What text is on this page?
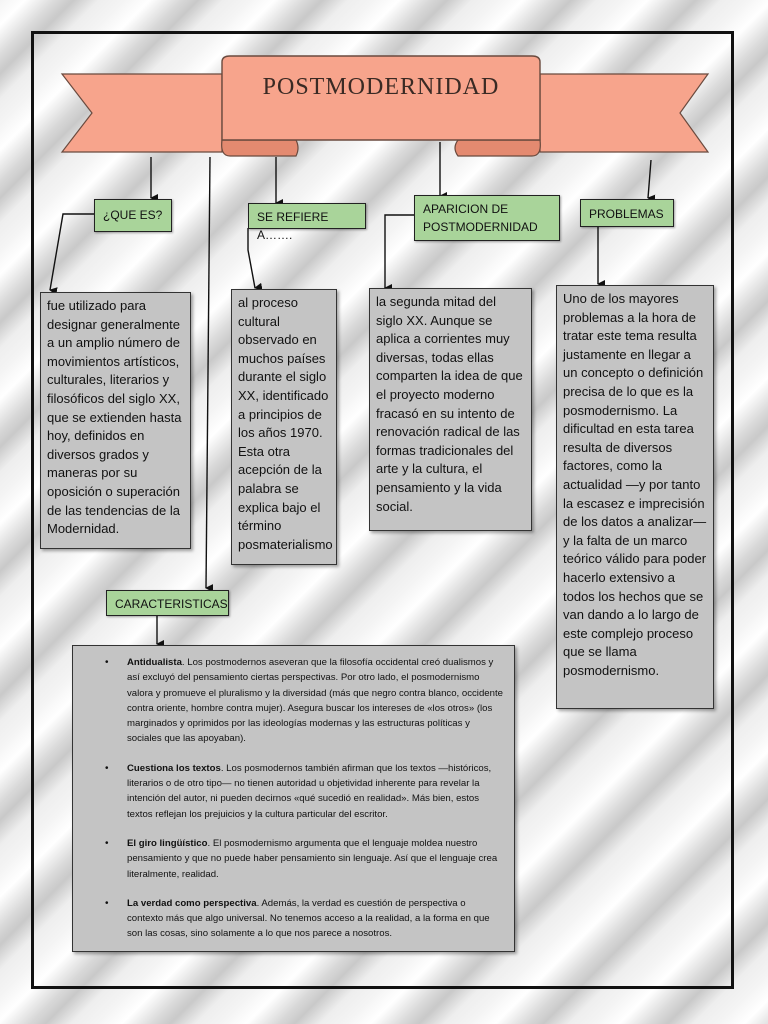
POSTMODERNIDAD
¿QUE ES?	SE REFIERE A…….
APARICION DE POSTMODERNIDAD
PROBLEMAS
CARACTERISTICAS
fue utilizado para designar generalmente a un amplio número de movimientos artísticos, culturales, literarios y filosóficos del siglo XX, que se extienden hasta hoy, definidos en diversos grados y maneras por su oposición o superación de las tendencias de la Modernidad.
al proceso cultural observado en muchos países durante el siglo XX, identificado a principios de los años 1970. Esta otra acepción de la palabra se explica bajo el término posmaterialismo
la segunda mitad del siglo XX. Aunque se aplica a corrientes muy diversas, todas ellas comparten la idea de que el proyecto moderno fracasó en su intento de renovación radical de las formas tradicionales del arte y la cultura, el pensamiento y la vida social.
Uno de los mayores problemas a la hora de tratar este tema resulta justamente en llegar a un concepto o definición precisa de lo que es la posmodernismo. La dificultad en esta tarea resulta de diversos factores, como la actualidad —y por tanto la escasez e imprecisión de los datos a analizar— y la falta de un marco teórico válido para poder hacerlo extensivo a todos los hechos que se van dando a lo largo de este complejo proceso que se llama posmodernismo.
• Antidualista. Los postmodernos aseveran que la filosofía occidental creó dualismos y así excluyó del pensamiento ciertas perspectivas. Por otro lado, el posmodernismo valora y promueve el pluralismo y la diversidad (más que negro contra blanco, occidente contra oriente, hombre contra mujer). Asegura buscar los intereses de «los otros» (los marginados y oprimidos por las ideologías modernas y las estructuras políticas y sociales que las apoyaban).
• Cuestiona los textos. Los posmodernos también afirman que los textos —históricos, literarios o de otro tipo— no tienen autoridad u objetividad inherente para revelar la intención del autor, ni pueden decirnos «qué sucedió en realidad». Más bien, estos textos reflejan los prejuicios y la cultura particular del escritor.
• El giro lingüístico. El posmodernismo argumenta que el lenguaje moldea nuestro pensamiento y que no puede haber pensamiento sin lenguaje. Así que el lenguaje crea literalmente, realidad.
• La verdad como perspectiva. Además, la verdad es cuestión de perspectiva o contexto más que algo universal. No tenemos acceso a la realidad, a la forma en que son las cosas, sino solamente a lo que nos parece a nosotros.
